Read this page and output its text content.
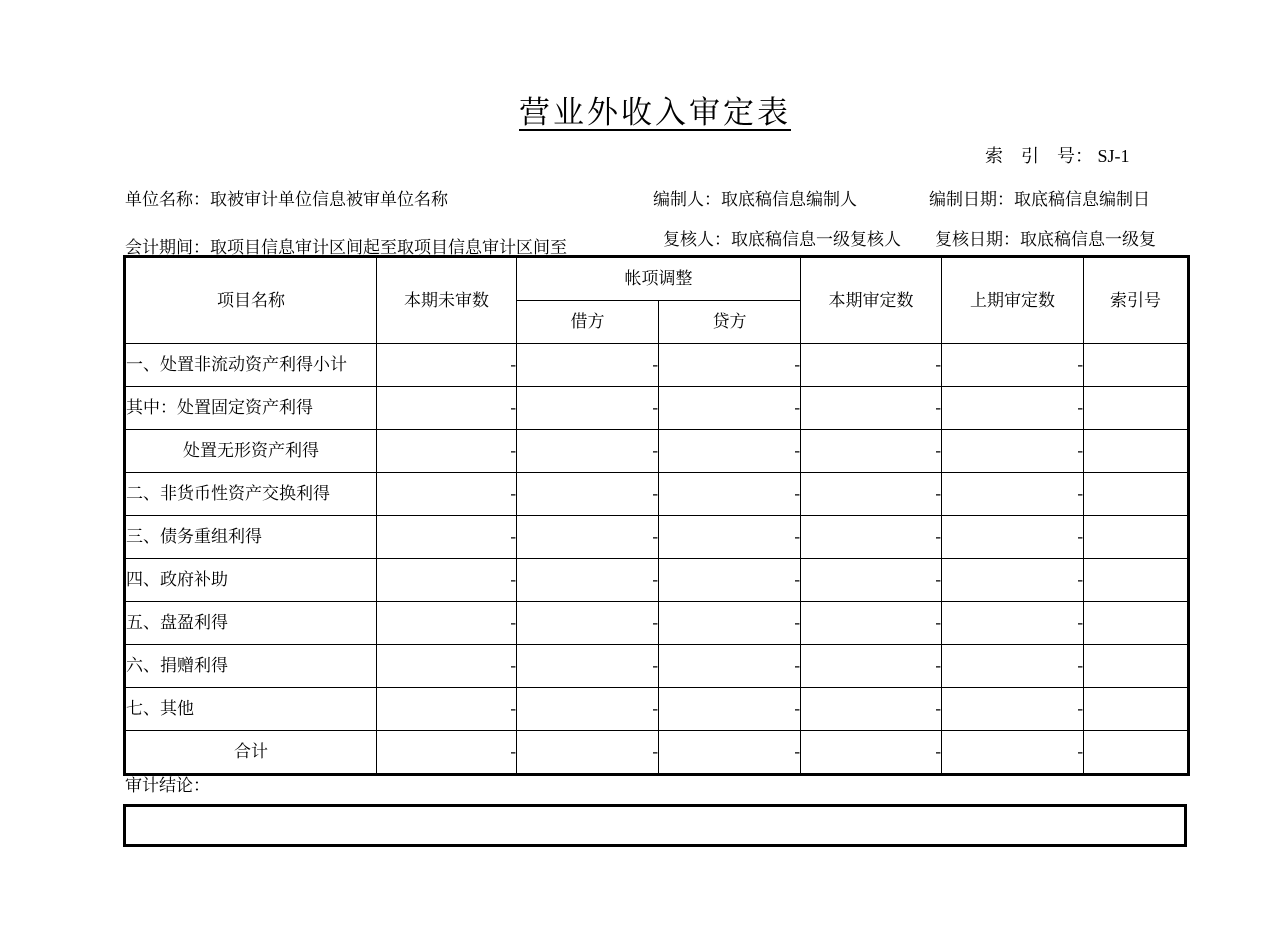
营业外收入审定表
索　引　号： SJ-1
单位名称：取被审计单位信息被审单位名称	编制人：取底稿信息编制人	编制日期：取底稿信息编制日
会计期间：取项目信息审计区间起至取项目信息审计区间至	复核人：取底稿信息一级复核人 复核日期：取底稿信息一级复
项目名称	本期未审数	帐项调整		本期审定数	上期审定数	索引号
		借方	贷方			
一、处置非流动资产利得小计	-	-	-	-	-	
其中：处置固定资产利得	-	-	-	-	-	
处置无形资产利得	-	-	-	-	-	
二、非货币性资产交换利得	-	-	-	-	-	
三、债务重组利得	-	-	-	-	-	
四、政府补助	-	-	-	-	-	
五、盘盈利得	-	-	-	-	-	
六、捐赠利得	-	-	-	-	-	
七、其他	-	-	-	-	-	
合计	-	-	-	-	-	
审计结论：
